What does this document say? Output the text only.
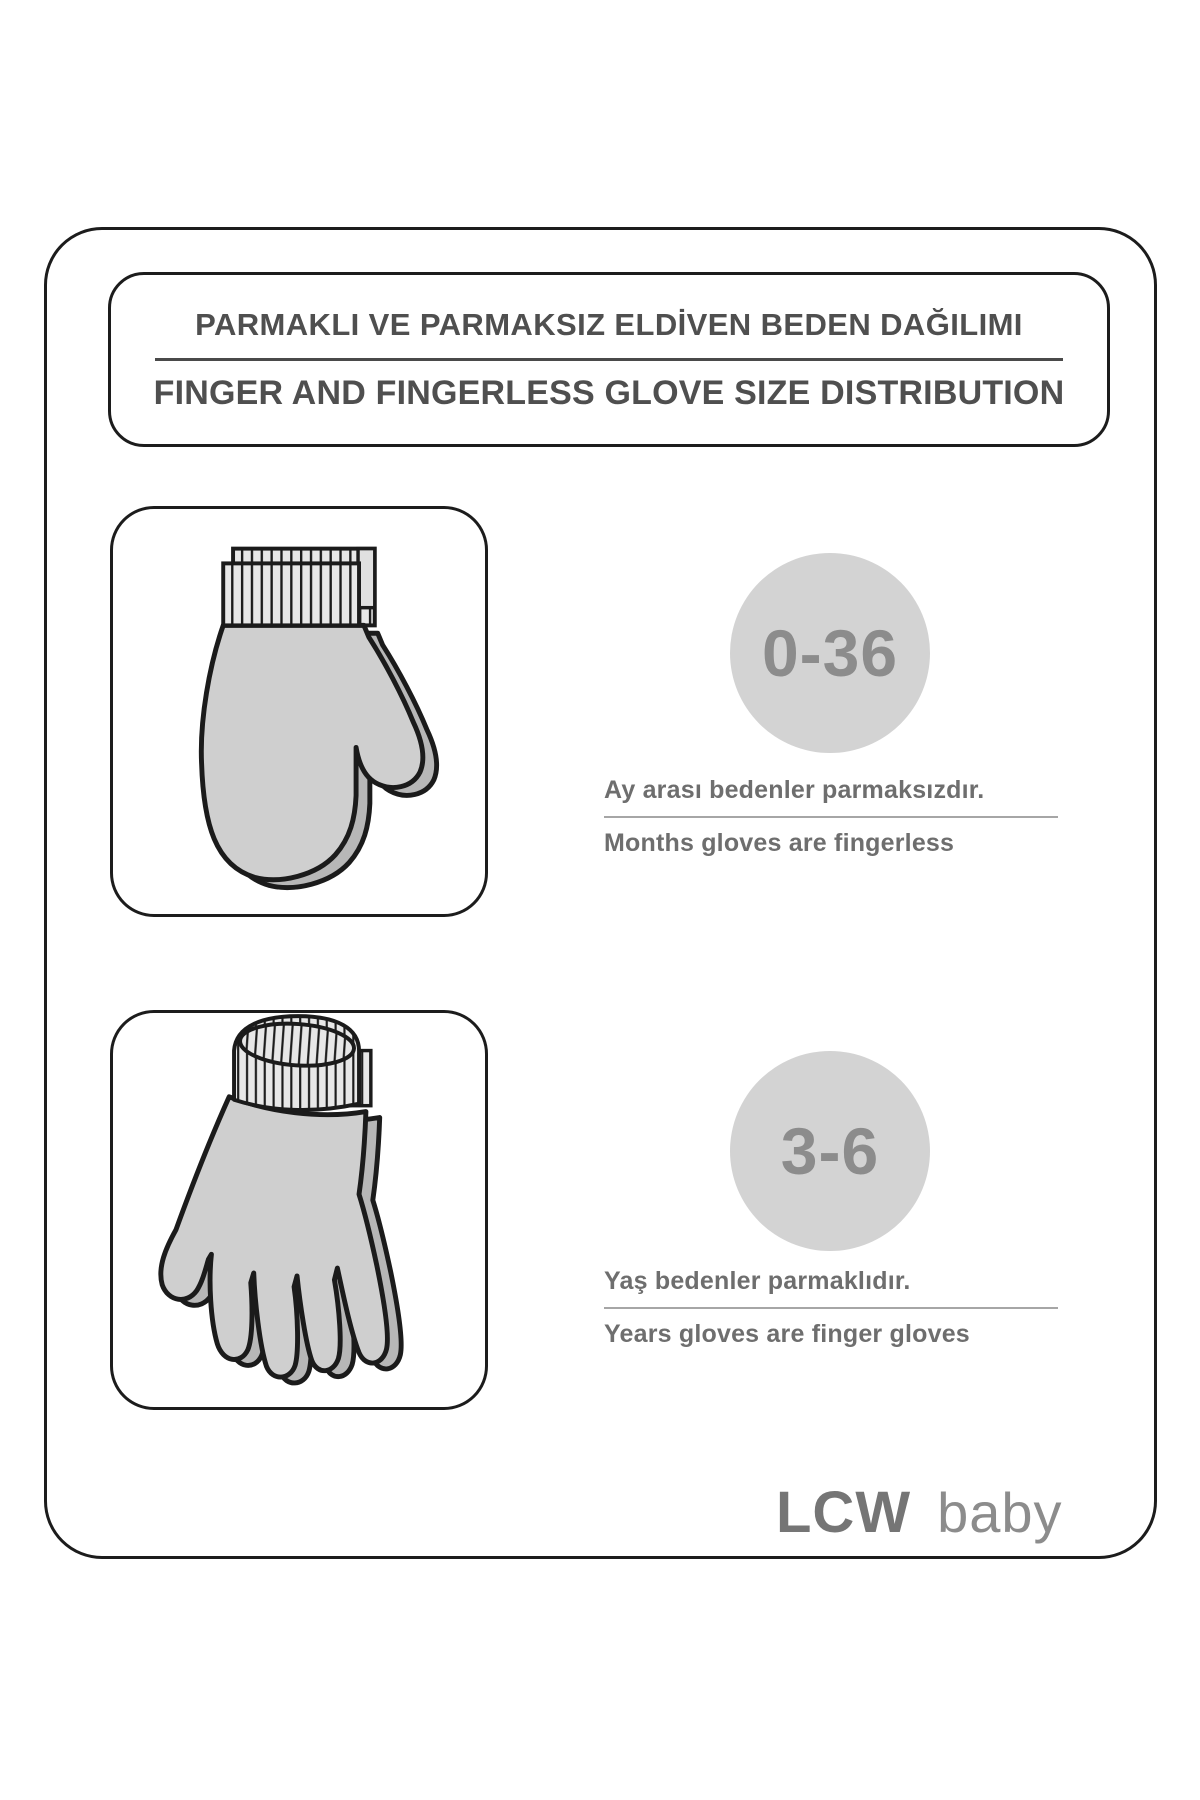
PARMAKLI VE PARMAKSIZ ELDİVEN BEDEN DAĞILIMI
FINGER AND FINGERLESS GLOVE SIZE DISTRIBUTION
0-36

Ay arası bedenler parmaksızdır.

Months gloves are fingerless

3-6

Yaş bedenler parmaklıdır.

Years gloves are finger gloves

LCW baby
